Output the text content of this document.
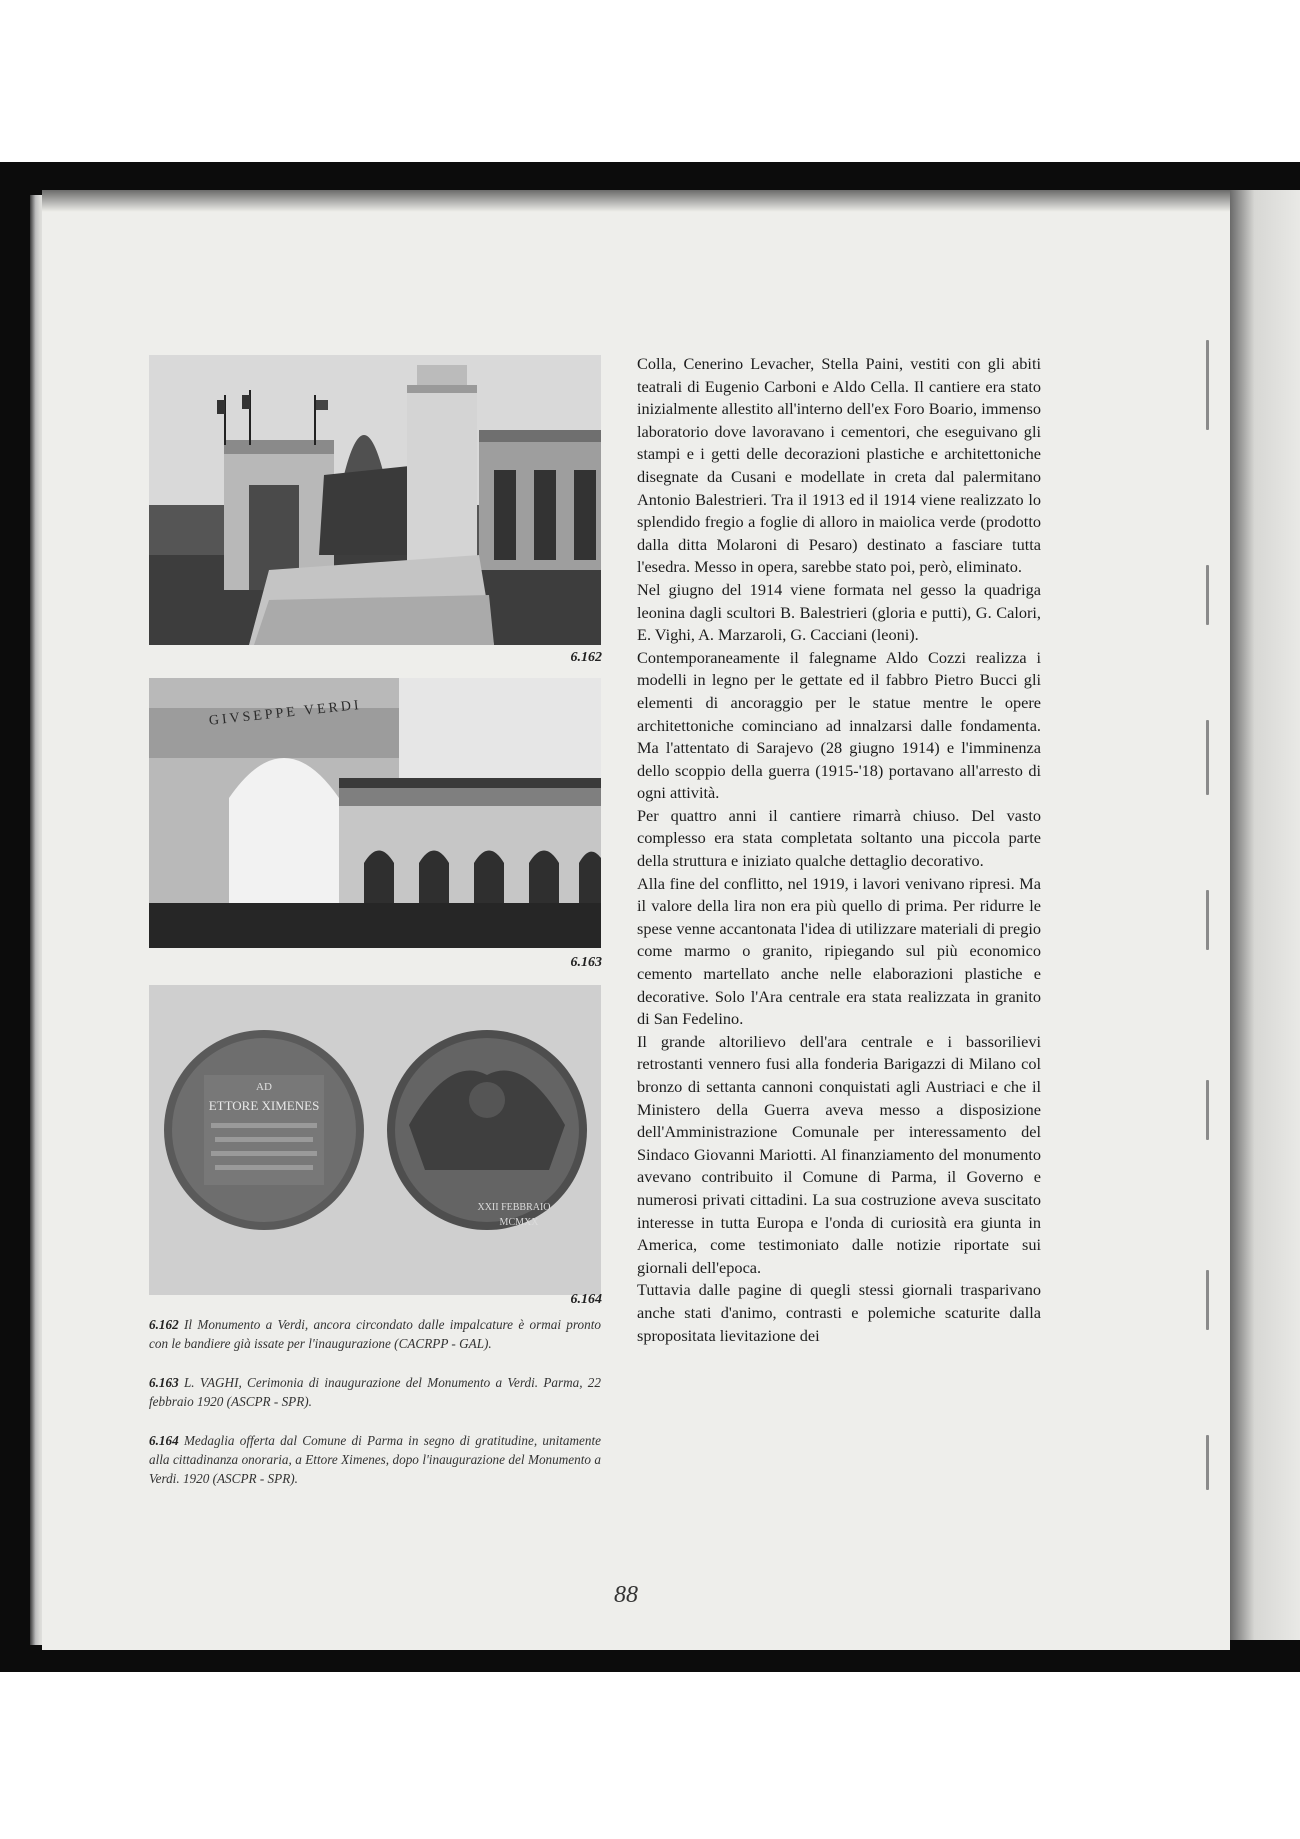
6.162
GIVSEPPE VERDI
6.163
AD
ETTORE XIMENES
XXII FEBBRAIO
MCMXX
6.164

6.162 Il Monumento a Verdi, ancora circondato dalle impalcature è ormai pronto con le bandiere già issate per l'inaugurazione (CACRPP - GAL).

6.163 L. VAGHI, Cerimonia di inaugurazione del Monumento a Verdi. Parma, 22 febbraio 1920 (ASCPR - SPR).

6.164 Medaglia offerta dal Comune di Parma in segno di gratitudine, unitamente alla cittadinanza onoraria, a Ettore Ximenes, dopo l'inaugurazione del Monumento a Verdi. 1920 (ASCPR - SPR).

Colla, Cenerino Levacher, Stella Paini, vestiti con gli abiti teatrali di Eugenio Carboni e Aldo Cella. Il cantiere era stato inizialmente allestito all'interno dell'ex Foro Boario, immenso laboratorio dove lavoravano i cementori, che eseguivano gli stampi e i getti delle decorazioni plastiche e architettoniche disegnate da Cusani e modellate in creta dal palermitano Antonio Balestrieri. Tra il 1913 ed il 1914 viene realizzato lo splendido fregio a foglie di alloro in maiolica verde (prodotto dalla ditta Molaroni di Pesaro) destinato a fasciare tutta l'esedra. Messo in opera, sarebbe stato poi, però, eliminato.

Nel giugno del 1914 viene formata nel gesso la quadriga leonina dagli scultori B. Balestrieri (gloria e putti), G. Calori, E. Vighi, A. Marzaroli, G. Cacciani (leoni).

Contemporaneamente il falegname Aldo Cozzi realizza i modelli in legno per le gettate ed il fabbro Pietro Bucci gli elementi di ancoraggio per le statue mentre le opere architettoniche cominciano ad innalzarsi dalle fondamenta. Ma l'attentato di Sarajevo (28 giugno 1914) e l'imminenza dello scoppio della guerra (1915-'18) portavano all'arresto di ogni attività.

Per quattro anni il cantiere rimarrà chiuso. Del vasto complesso era stata completata soltanto una piccola parte della struttura e iniziato qualche dettaglio decorativo.

Alla fine del conflitto, nel 1919, i lavori venivano ripresi. Ma il valore della lira non era più quello di prima. Per ridurre le spese venne accantonata l'idea di utilizzare materiali di pregio come marmo o granito, ripiegando sul più economico cemento martellato anche nelle elaborazioni plastiche e decorative. Solo l'Ara centrale era stata realizzata in granito di San Fedelino.

Il grande altorilievo dell'ara centrale e i bassorilievi retrostanti vennero fusi alla fonderia Barigazzi di Milano col bronzo di settanta cannoni conquistati agli Austriaci e che il Ministero della Guerra aveva messo a disposizione dell'Amministrazione Comunale per interessamento del Sindaco Giovanni Mariotti. Al finanziamento del monumento avevano contribuito il Comune di Parma, il Governo e numerosi privati cittadini. La sua costruzione aveva suscitato interesse in tutta Europa e l'onda di curiosità era giunta in America, come testimoniato dalle notizie riportate sui giornali dell'epoca.

Tuttavia dalle pagine di quegli stessi giornali trasparivano anche stati d'animo, contrasti e polemiche scaturite dalla spropositata lievitazione dei

88
